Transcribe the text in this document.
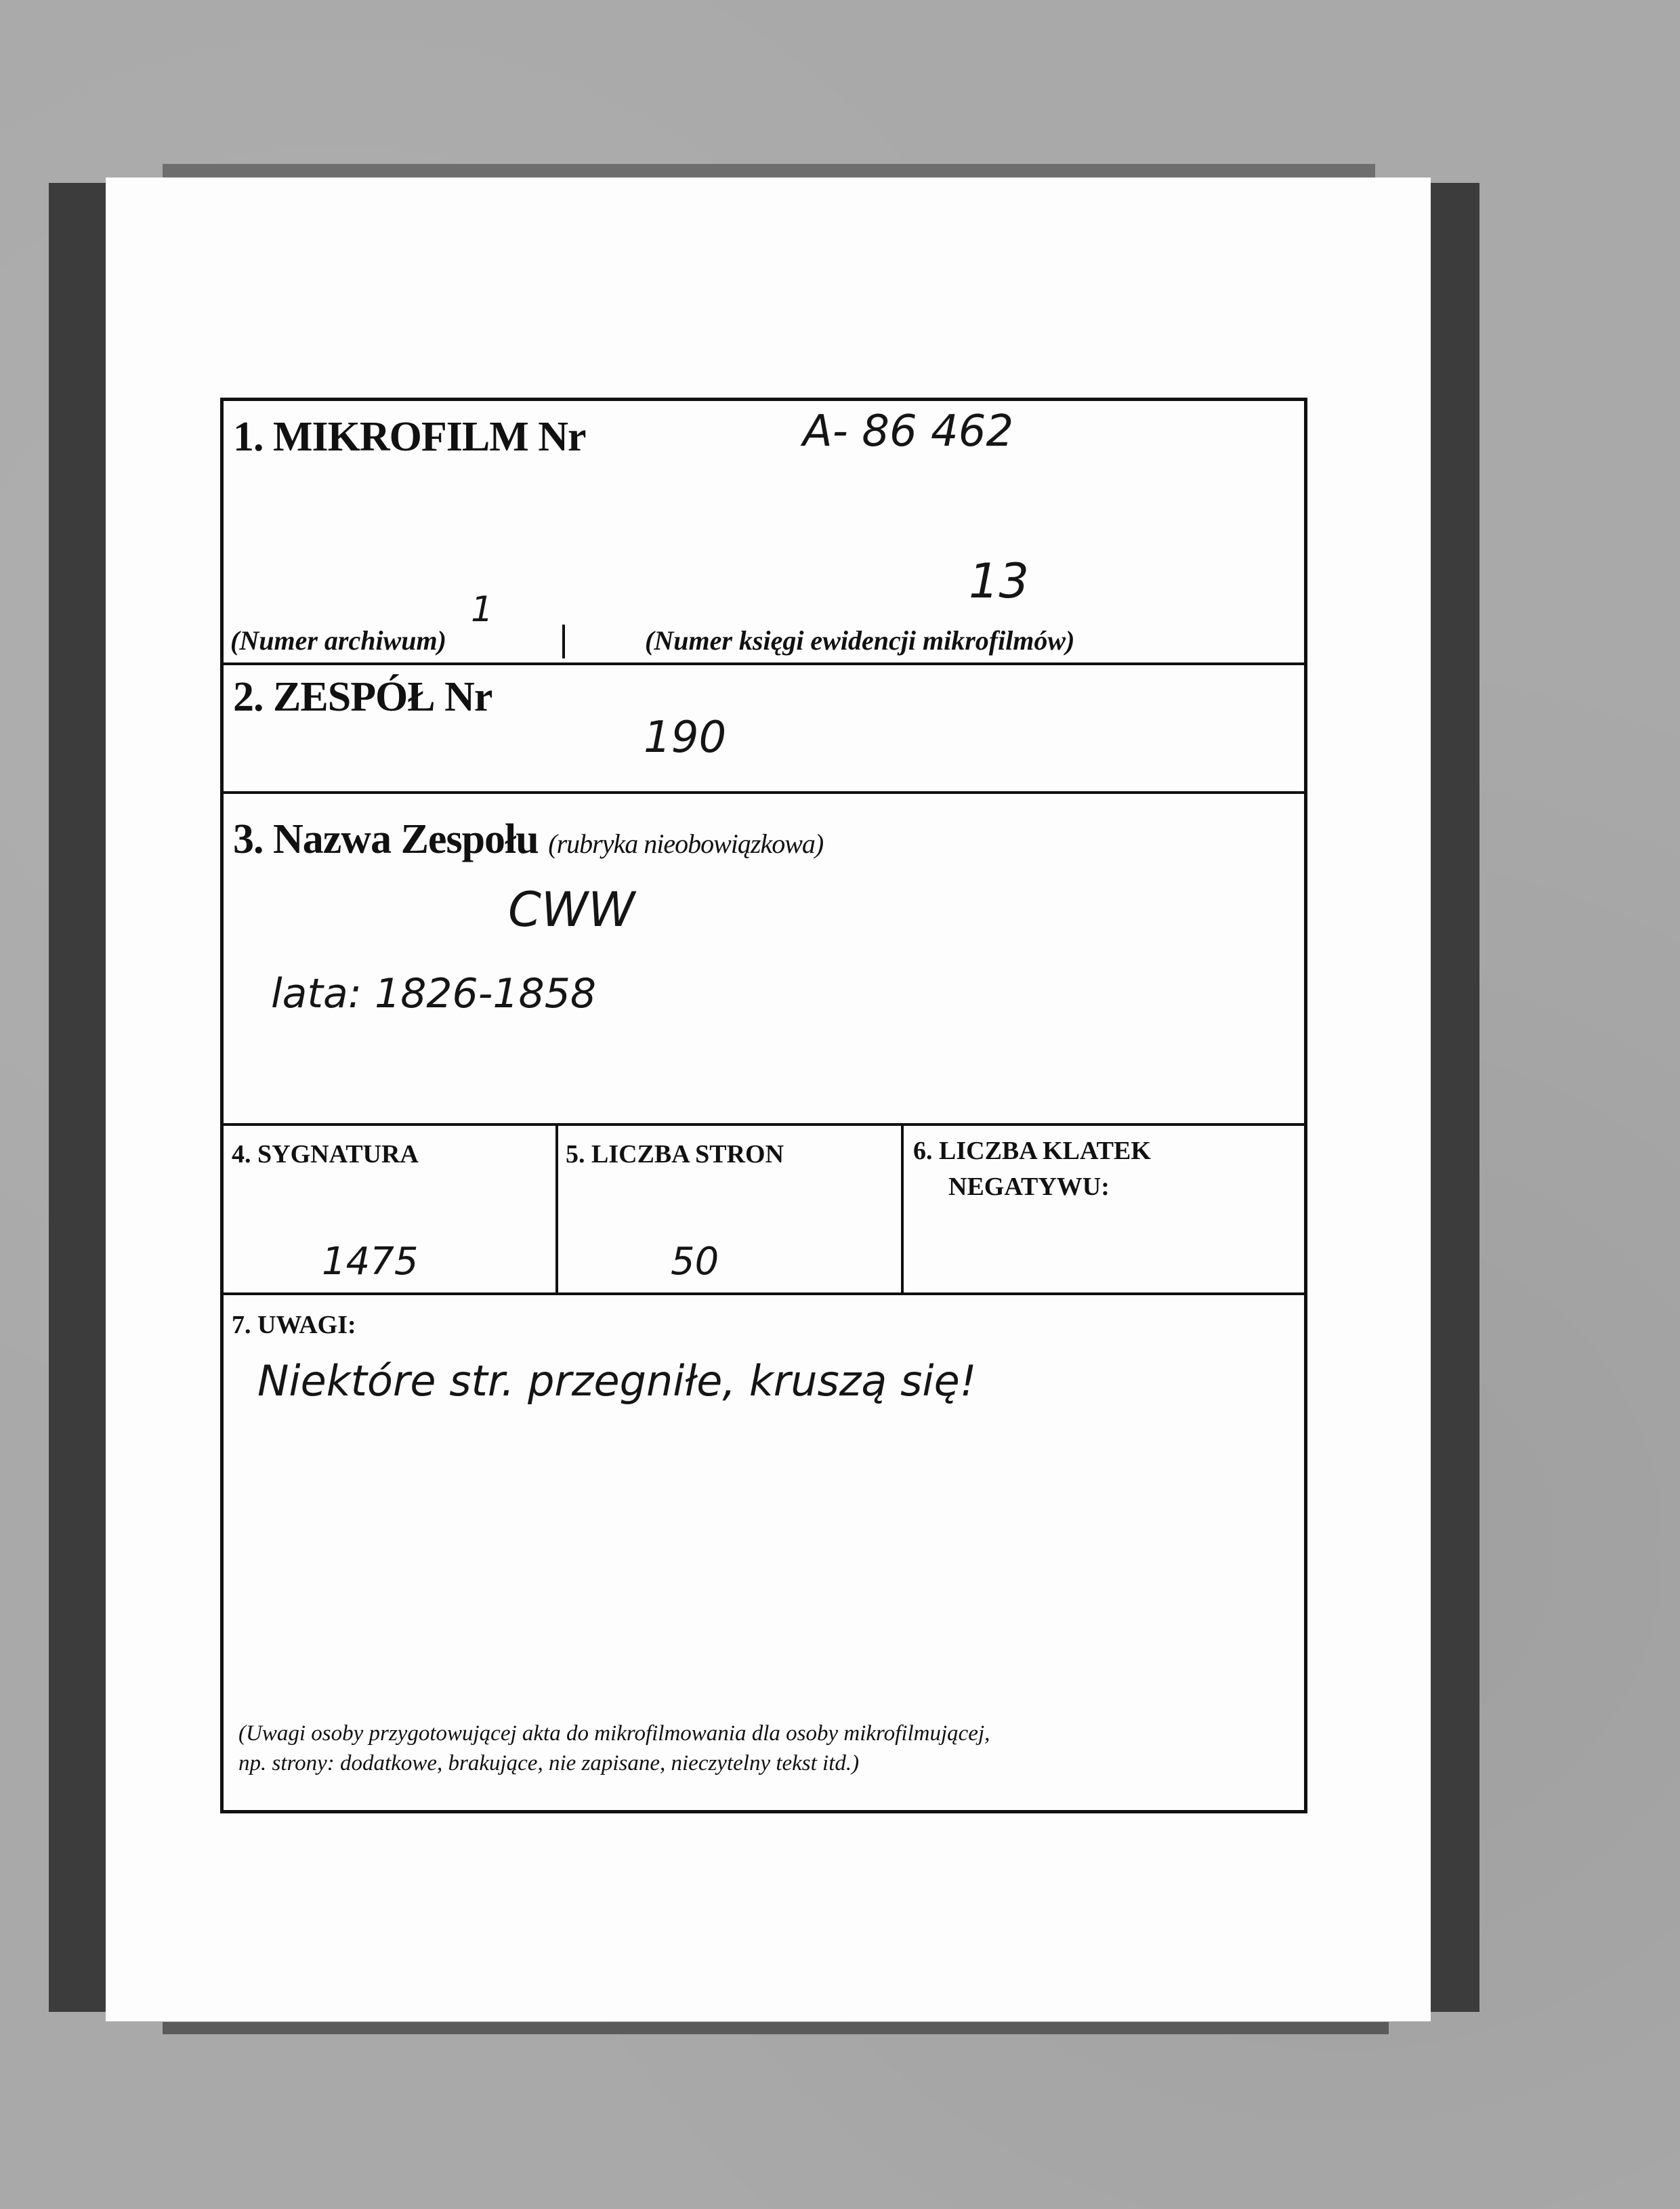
1. MIKROFILM Nr	A- 86 462
1
13
(Numer archiwum)	(Numer księgi ewidencji mikrofilmów)
2. ZESPÓŁ Nr
190
3. Nazwa Zespołu (rubryka nieobowiązkowa)
CWW
lata: 1826-1858
4. SYGNATURA
1475
5. LICZBA STRON
50
6. LICZBA KLATEK
NEGATYWU:
7. UWAGI:
Niektóre str. przegniłe, kruszą się!
(Uwagi osoby przygotowującej akta do mikrofilmowania dla osoby mikrofilmującej,
np. strony: dodatkowe, brakujące, nie zapisane, nieczytelny tekst itd.)
